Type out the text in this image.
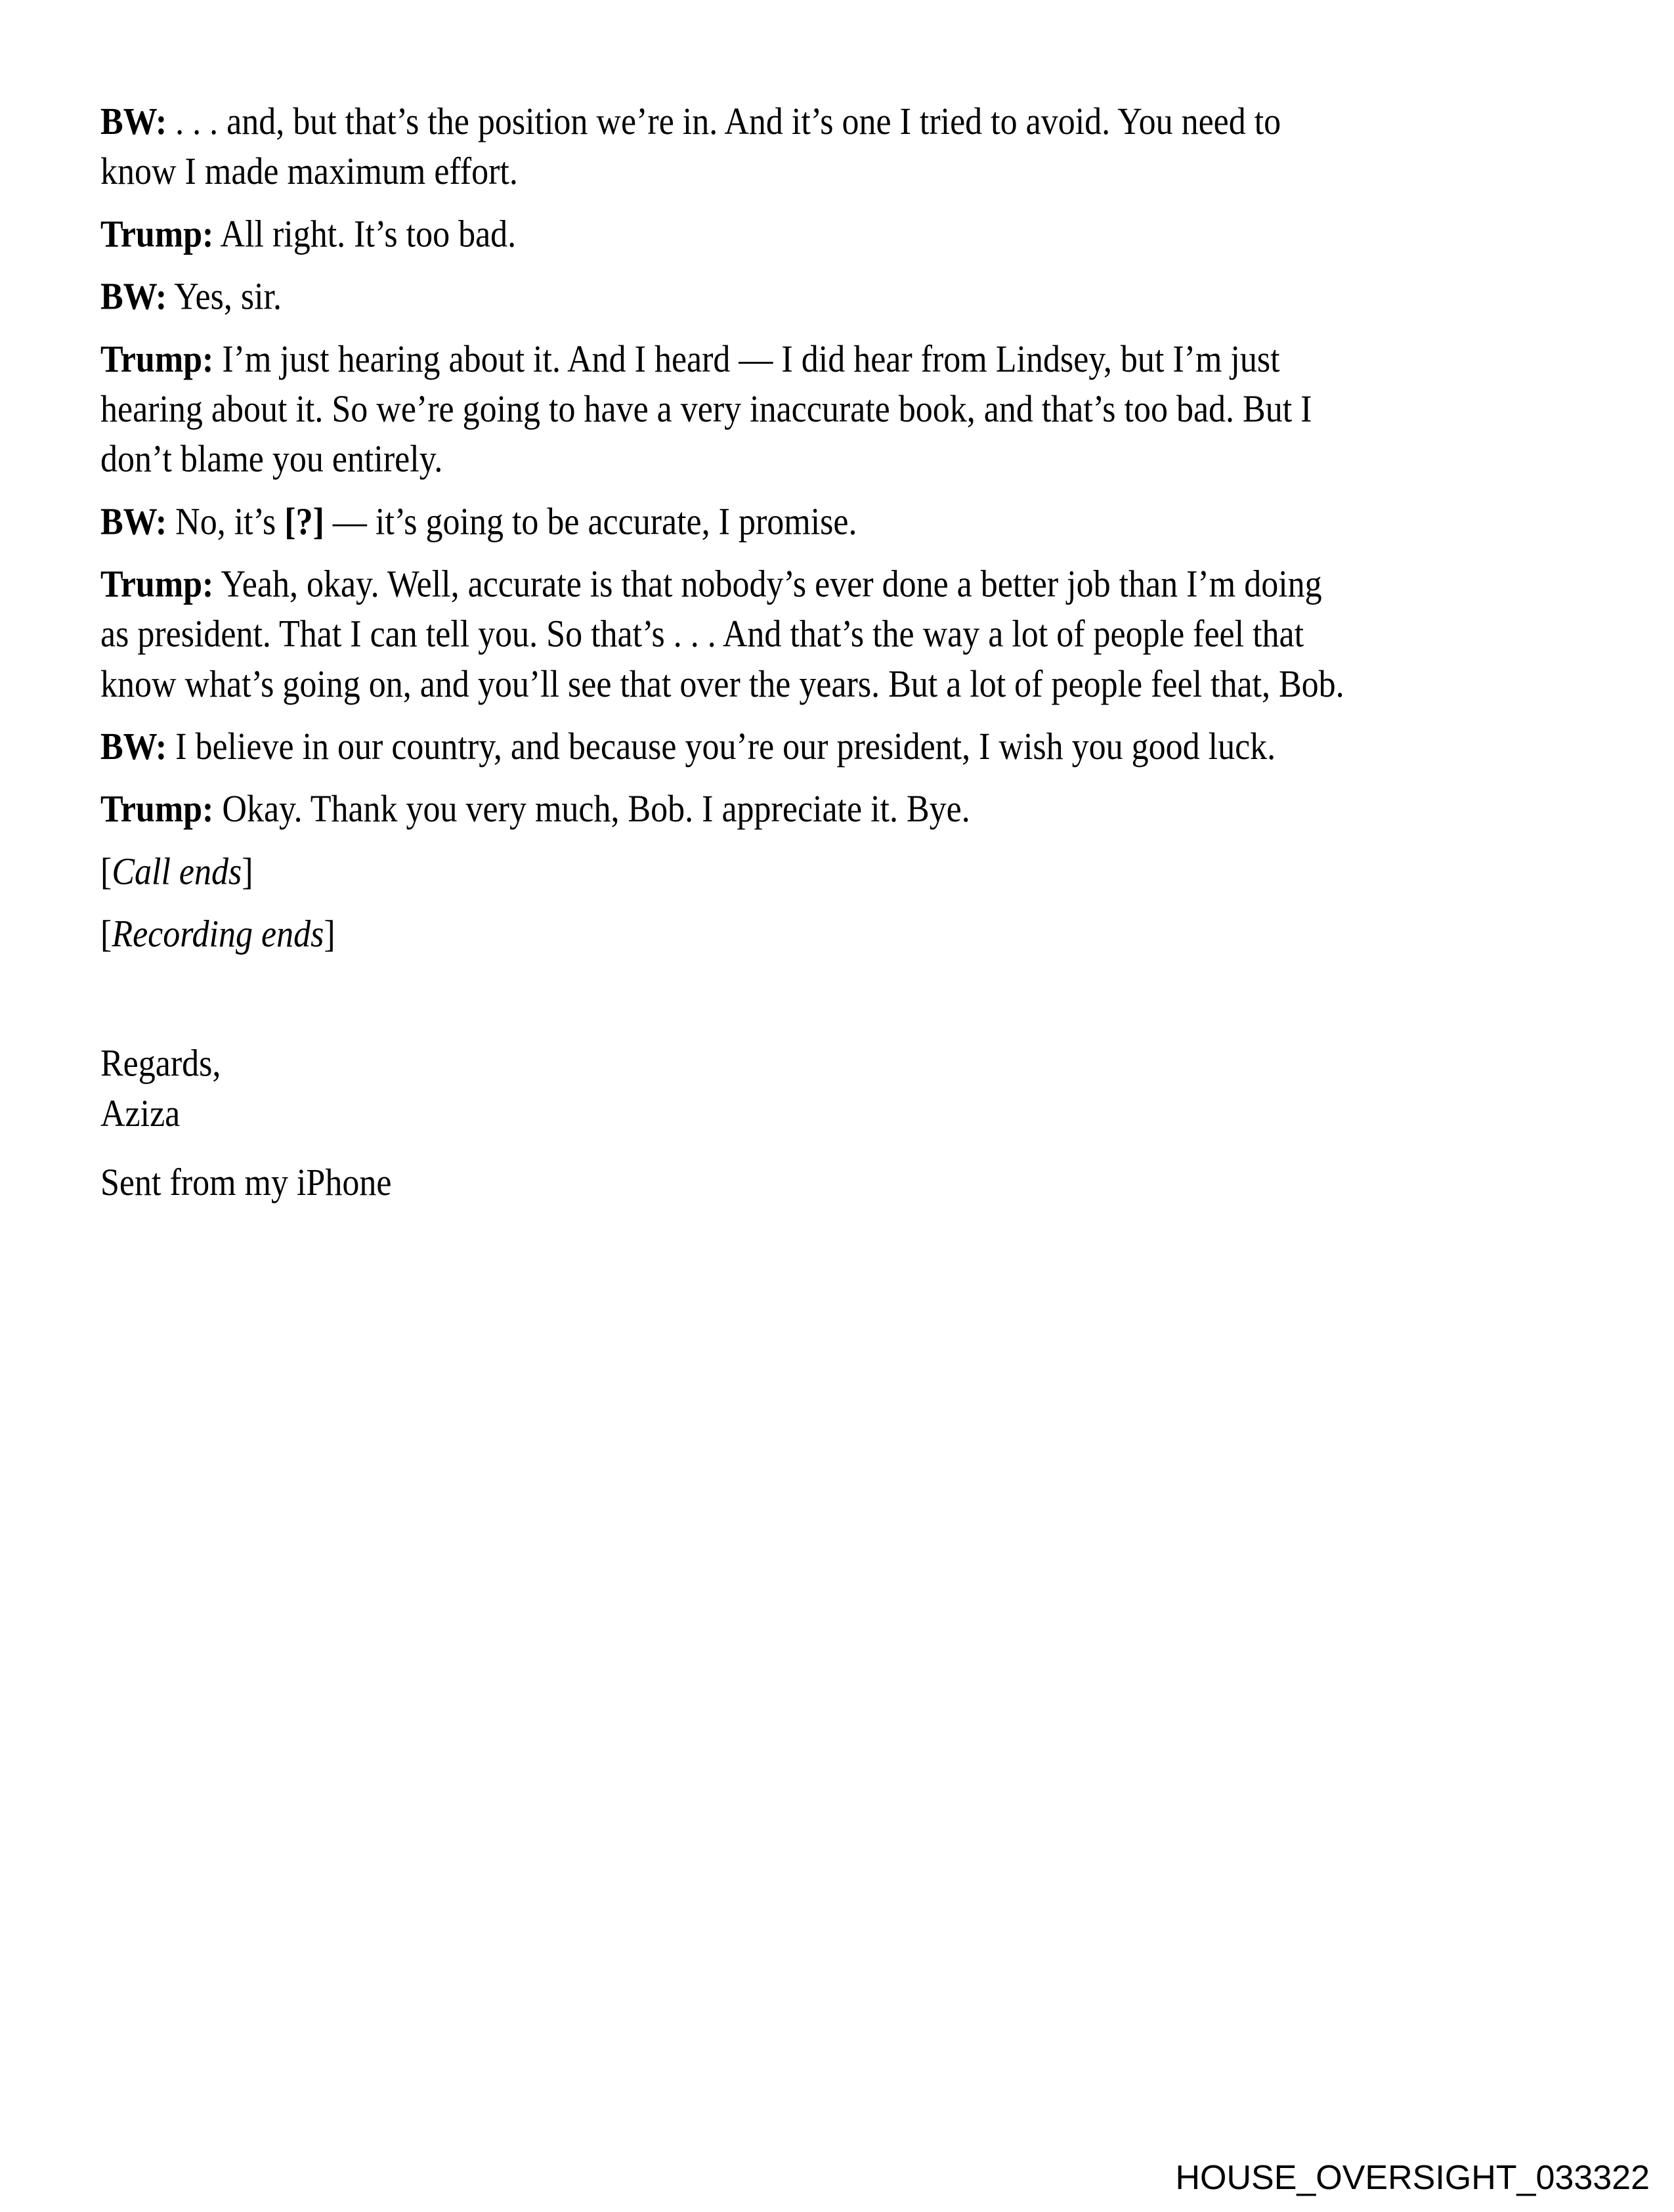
BW: . . . and, but that’s the position we’re in. And it’s one I tried to avoid. You need to
know I made maximum effort.

Trump: All right. It’s too bad.

BW: Yes, sir.

Trump: I’m just hearing about it. And I heard — I did hear from Lindsey, but I’m just
hearing about it. So we’re going to have a very inaccurate book, and that’s too bad. But I
don’t blame you entirely.

BW: No, it’s [?] — it’s going to be accurate, I promise.

Trump: Yeah, okay. Well, accurate is that nobody’s ever done a better job than I’m doing
as president. That I can tell you. So that’s . . . And that’s the way a lot of people feel that
know what’s going on, and you’ll see that over the years. But a lot of people feel that, Bob.

BW: I believe in our country, and because you’re our president, I wish you good luck.

Trump: Okay. Thank you very much, Bob. I appreciate it. Bye.

[Call ends]

[Recording ends]

Regards,
Aziza
Sent from my iPhone

HOUSE_OVERSIGHT_033322
